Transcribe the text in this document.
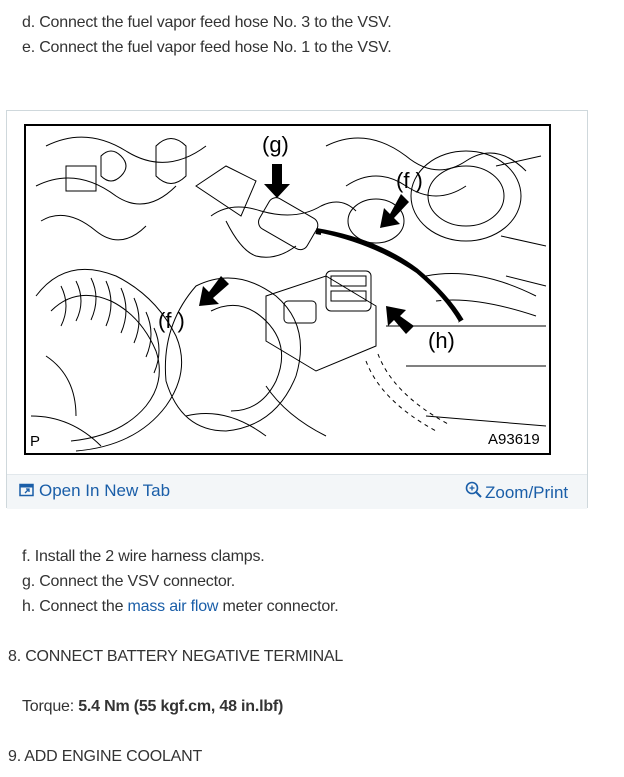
d. Connect the fuel vapor feed hose No. 3 to the VSV.
e. Connect the fuel vapor feed hose No. 1 to the VSV.
(g)
(f )
(f )
(h)
P	A93619
Open In New Tab	Zoom/Print
f. Install the 2 wire harness clamps.
g. Connect the VSV connector.
h. Connect the mass air flow meter connector.
8. CONNECT BATTERY NEGATIVE TERMINAL
Torque: 5.4 Nm (55 kgf.cm, 48 in.lbf)
9. ADD ENGINE COOLANT
